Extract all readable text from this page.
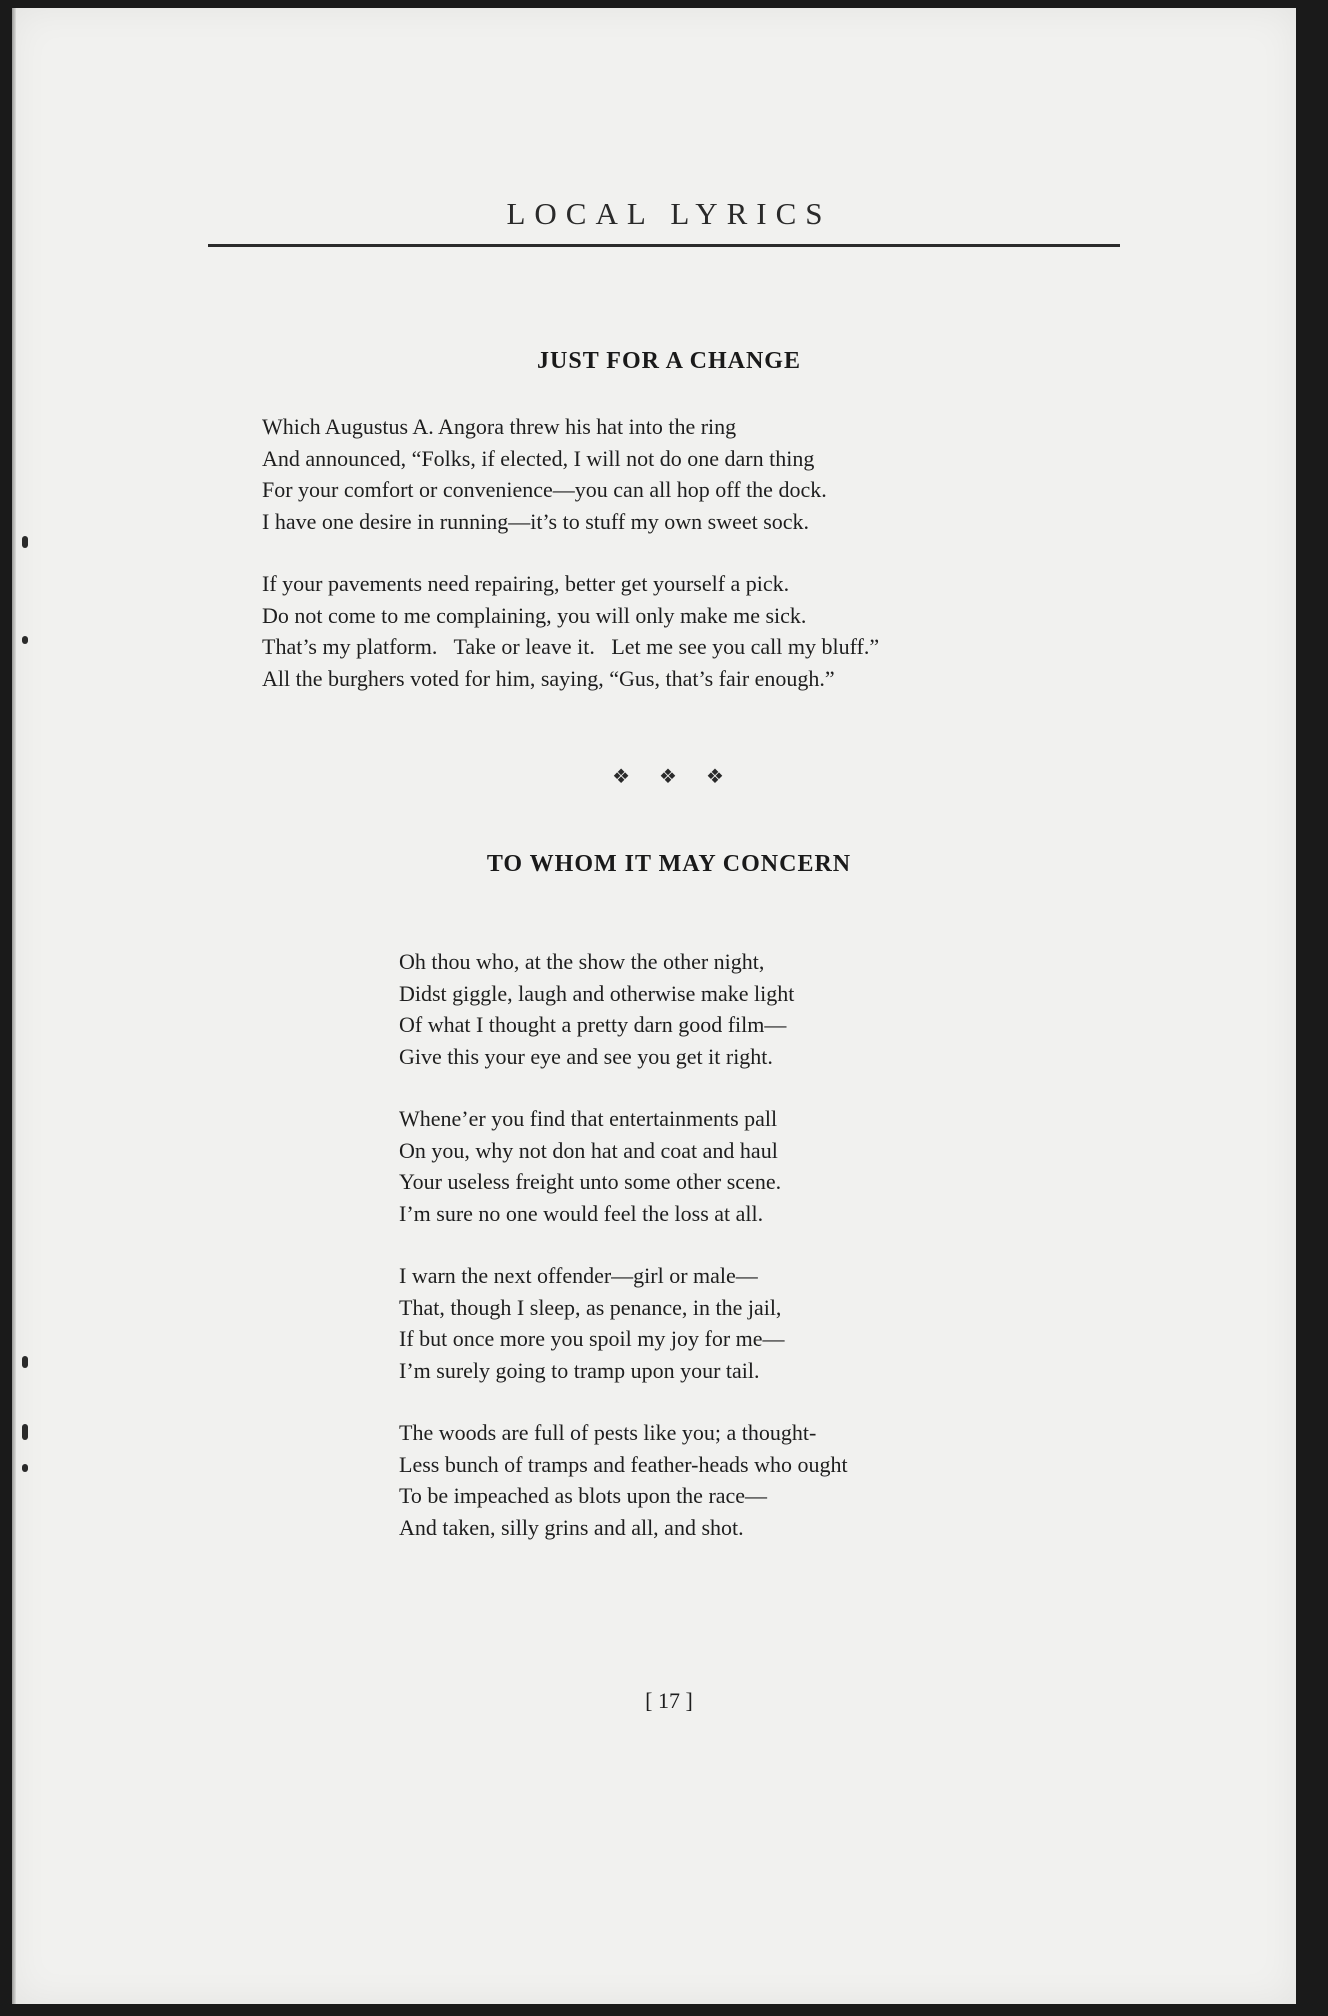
LOCAL LYRICS
JUST FOR A CHANGE
Which Augustus A. Angora threw his hat into the ring
And announced, “Folks, if elected, I will not do one darn thing
For your comfort or convenience—you can all hop off the dock.
I have one desire in running—it’s to stuff my own sweet sock.
If your pavements need repairing, better get yourself a pick.
Do not come to me complaining, you will only make me sick.
That’s my platform.   Take or leave it.   Let me see you call my bluff.”
All the burghers voted for him, saying, “Gus, that’s fair enough.”
❖ ❖ ❖
TO WHOM IT MAY CONCERN
Oh thou who, at the show the other night,
Didst giggle, laugh and otherwise make light
Of what I thought a pretty darn good film—
Give this your eye and see you get it right.
Whene’er you find that entertainments pall
On you, why not don hat and coat and haul
Your useless freight unto some other scene.
I’m sure no one would feel the loss at all.
I warn the next offender—girl or male—
That, though I sleep, as penance, in the jail,
If but once more you spoil my joy for me—
I’m surely going to tramp upon your tail.
The woods are full of pests like you; a thought-
Less bunch of tramps and feather-heads who ought
To be impeached as blots upon the race—
And taken, silly grins and all, and shot.
[ 17 ]
